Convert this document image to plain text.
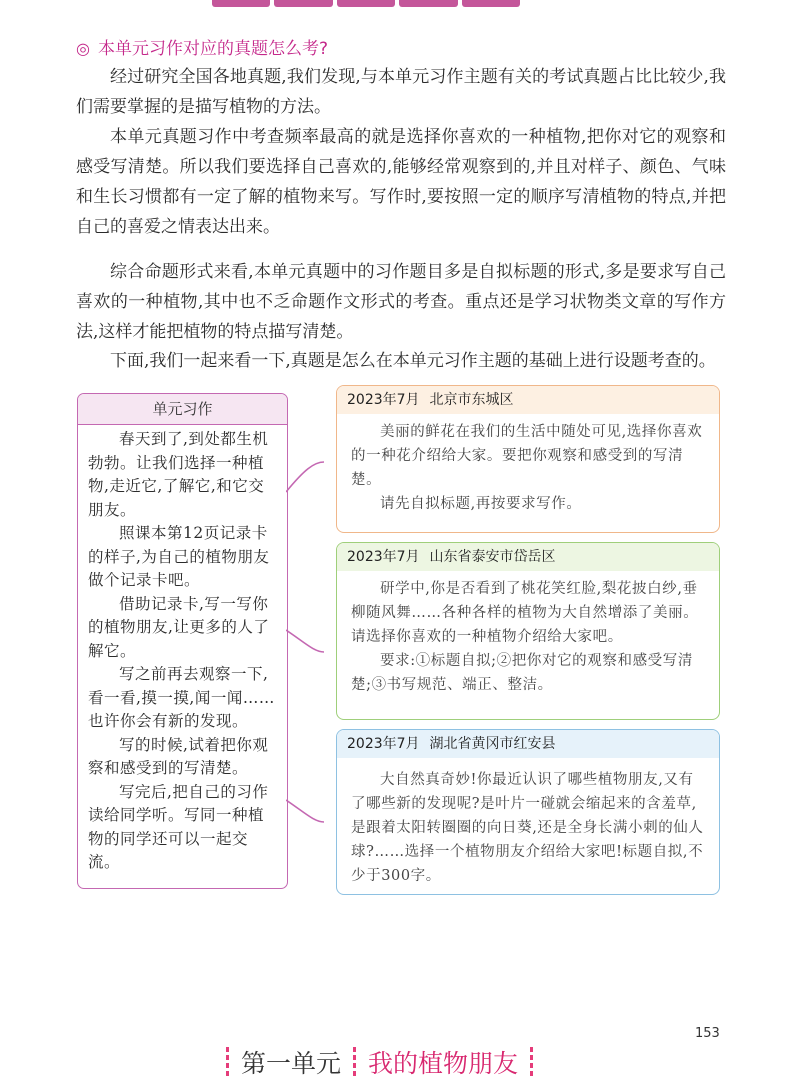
◎ 本单元习作对应的真题怎么考?

经过研究全国各地真题,我们发现,与本单元习作主题有关的考试真题占比比较少,我们需要掌握的是描写植物的方法。

本单元真题习作中考查频率最高的就是选择你喜欢的一种植物,把你对它的观察和感受写清楚。所以我们要选择自己喜欢的,能够经常观察到的,并且对样子、颜色、气味和生长习惯都有一定了解的植物来写。写作时,要按照一定的顺序写清植物的特点,并把自己的喜爱之情表达出来。

综合命题形式来看,本单元真题中的习作题目多是自拟标题的形式,多是要求写自己喜欢的一种植物,其中也不乏命题作文形式的考查。重点还是学习状物类文章的写作方法,这样才能把植物的特点描写清楚。

下面,我们一起来看一下,真题是怎么在本单元习作主题的基础上进行设题考查的。

单元习作

春天到了,到处都生机勃勃。让我们选择一种植物,走近它,了解它,和它交朋友。

照课本第12页记录卡的样子,为自己的植物朋友做个记录卡吧。

借助记录卡,写一写你的植物朋友,让更多的人了解它。

写之前再去观察一下,看一看,摸一摸,闻一闻……也许你会有新的发现。

写的时候,试着把你观察和感受到的写清楚。

写完后,把自己的习作读给同学听。写同一种植物的同学还可以一起交流。

2023年7月 北京市东城区

美丽的鲜花在我们的生活中随处可见,选择你喜欢的一种花介绍给大家。要把你观察和感受到的写清楚。

请先自拟标题,再按要求写作。

2023年7月 山东省泰安市岱岳区

研学中,你是否看到了桃花笑红脸,梨花披白纱,垂柳随风舞……各种各样的植物为大自然增添了美丽。请选择你喜欢的一种植物介绍给大家吧。

要求:①标题自拟;②把你对它的观察和感受写清楚;③书写规范、端正、整洁。

2023年7月 湖北省黄冈市红安县

大自然真奇妙!你最近认识了哪些植物朋友,又有了哪些新的发现呢?是叶片一碰就会缩起来的含羞草,是跟着太阳转圈圈的向日葵,还是全身长满小刺的仙人球?……选择一个植物朋友介绍给大家吧!标题自拟,不少于300字。

153
第一单元 我的植物朋友
